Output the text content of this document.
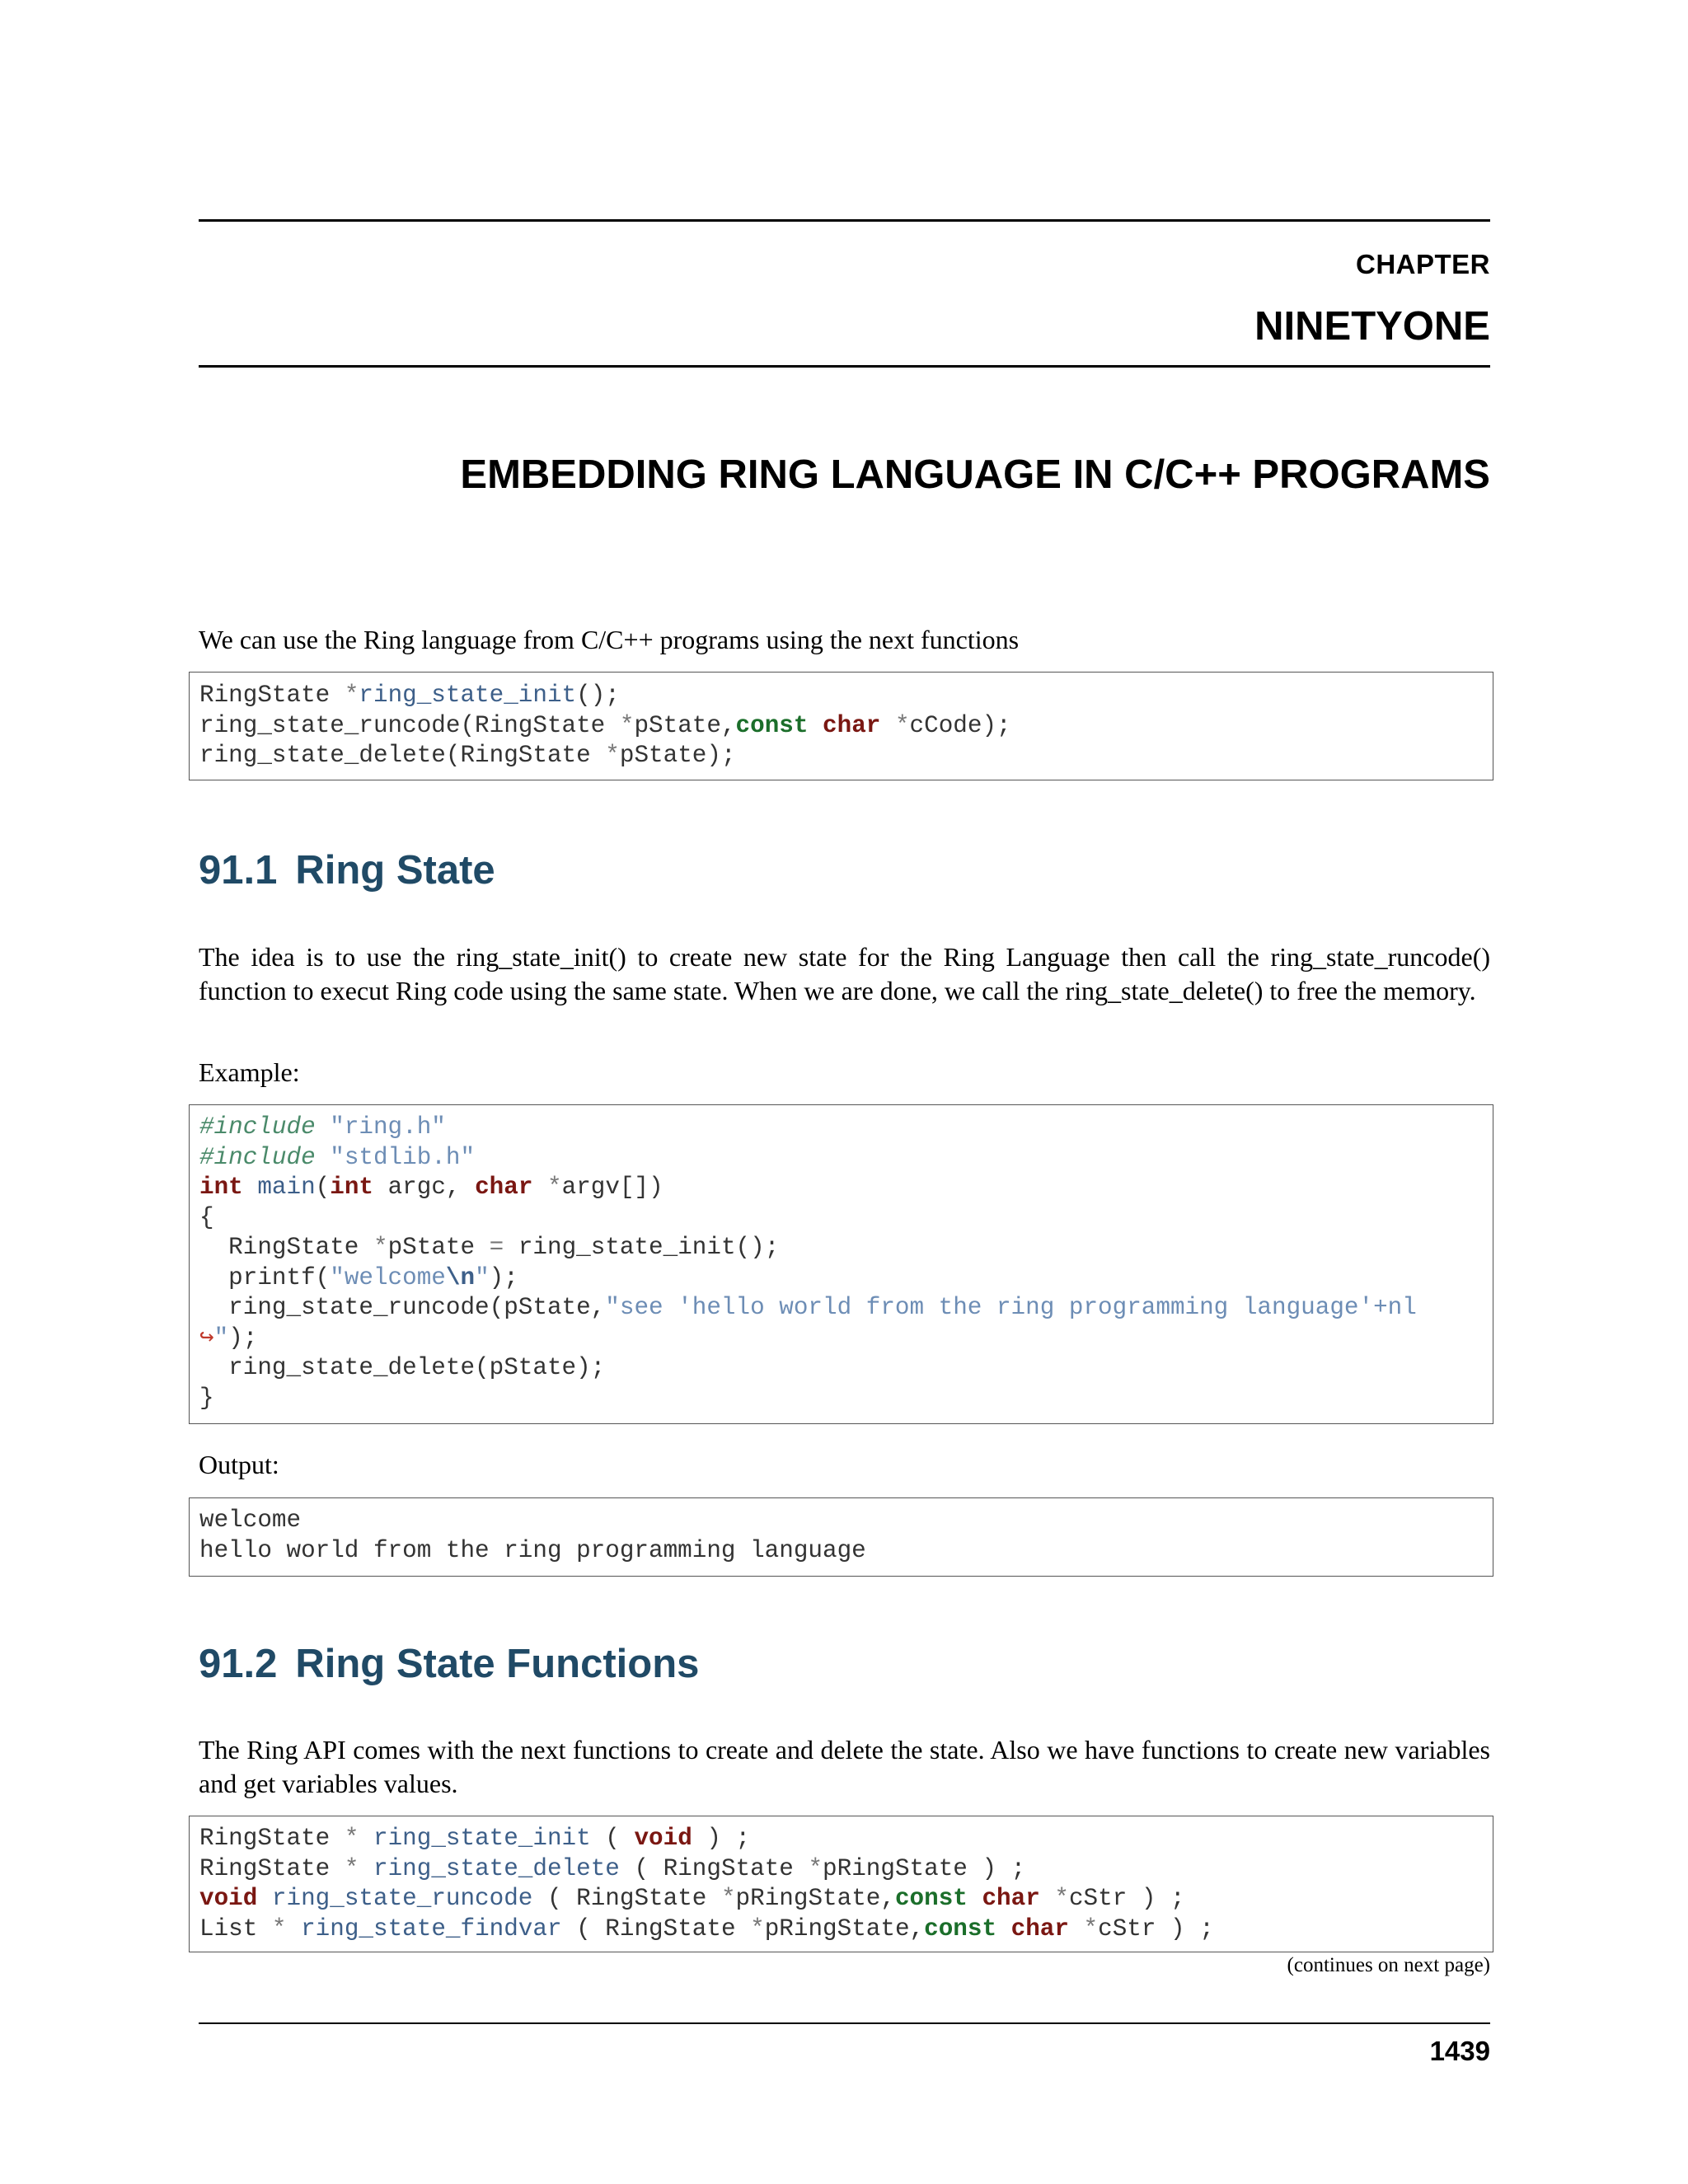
CHAPTER
NINETYONE
EMBEDDING RING LANGUAGE IN C/C++ PROGRAMS
We can use the Ring language from C/C++ programs using the next functions
RingState *ring_state_init();
ring_state_runcode(RingState *pState,const char *cCode);
ring_state_delete(RingState *pState);
91.1 Ring State
The idea is to use the ring_state_init() to create new state for the Ring Language then call the ring_state_runcode() function to execut Ring code using the same state. When we are done, we call the ring_state_delete() to free the memory.
Example:
#include "ring.h"
#include "stdlib.h"
int main(int argc, char *argv[])
{
RingState *pState = ring_state_init();
printf("welcome\n");
ring_state_runcode(pState,"see 'hello world from the ring programming language'+nl
↪");
ring_state_delete(pState);
}
Output:
welcome
hello world from the ring programming language
91.2 Ring State Functions
The Ring API comes with the next functions to create and delete the state. Also we have functions to create new variables and get variables values.
RingState * ring_state_init ( void ) ;
RingState * ring_state_delete ( RingState *pRingState ) ;
void ring_state_runcode ( RingState *pRingState,const char *cStr ) ;
List * ring_state_findvar ( RingState *pRingState,const char *cStr ) ;
(continues on next page)
1439
